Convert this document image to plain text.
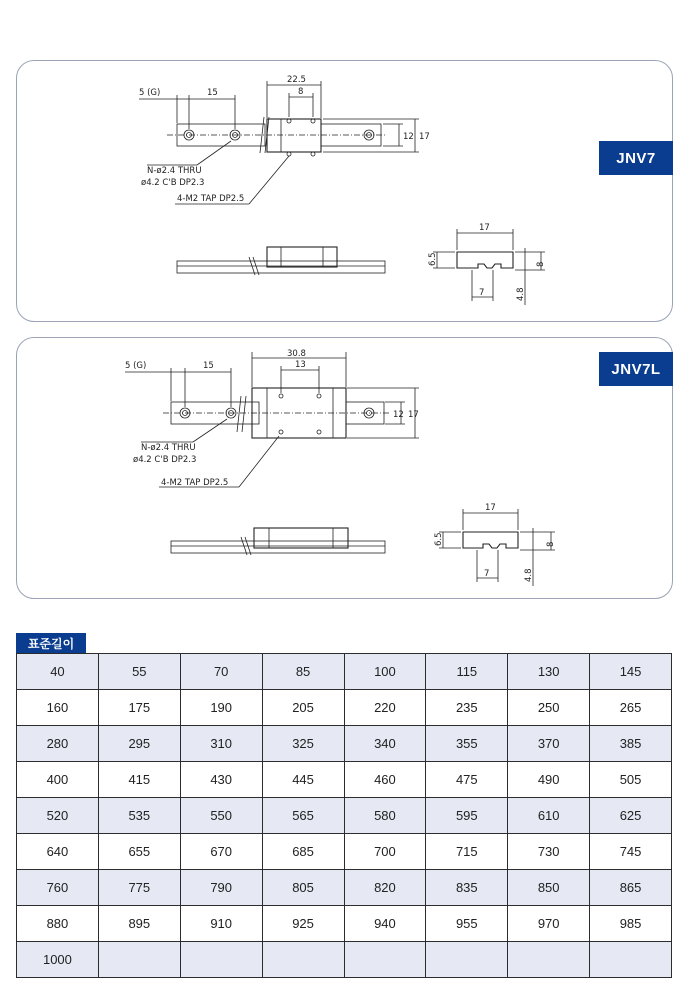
JNV7
5 (G)	15
22.5
8
12 17
N-ø2.4 THRU
ø4.2 C'B DP2.3
4-M2 TAP DP2.5
17
6.5	8
7	4.8
JNV7L
5 (G)	15
30.8
13
12 17
N-ø2.4 THRU
ø4.2 C'B DP2.3
4-M2 TAP DP2.5
17
6.5	8
7	4.8
표준길이
40	55	70	85	100	115	130	145
160	175	190	205	220	235	250	265
280	295	310	325	340	355	370	385
400	415	430	445	460	475	490	505
520	535	550	565	580	595	610	625
640	655	670	685	700	715	730	745
760	775	790	805	820	835	850	865
880	895	910	925	940	955	970	985
1000							
